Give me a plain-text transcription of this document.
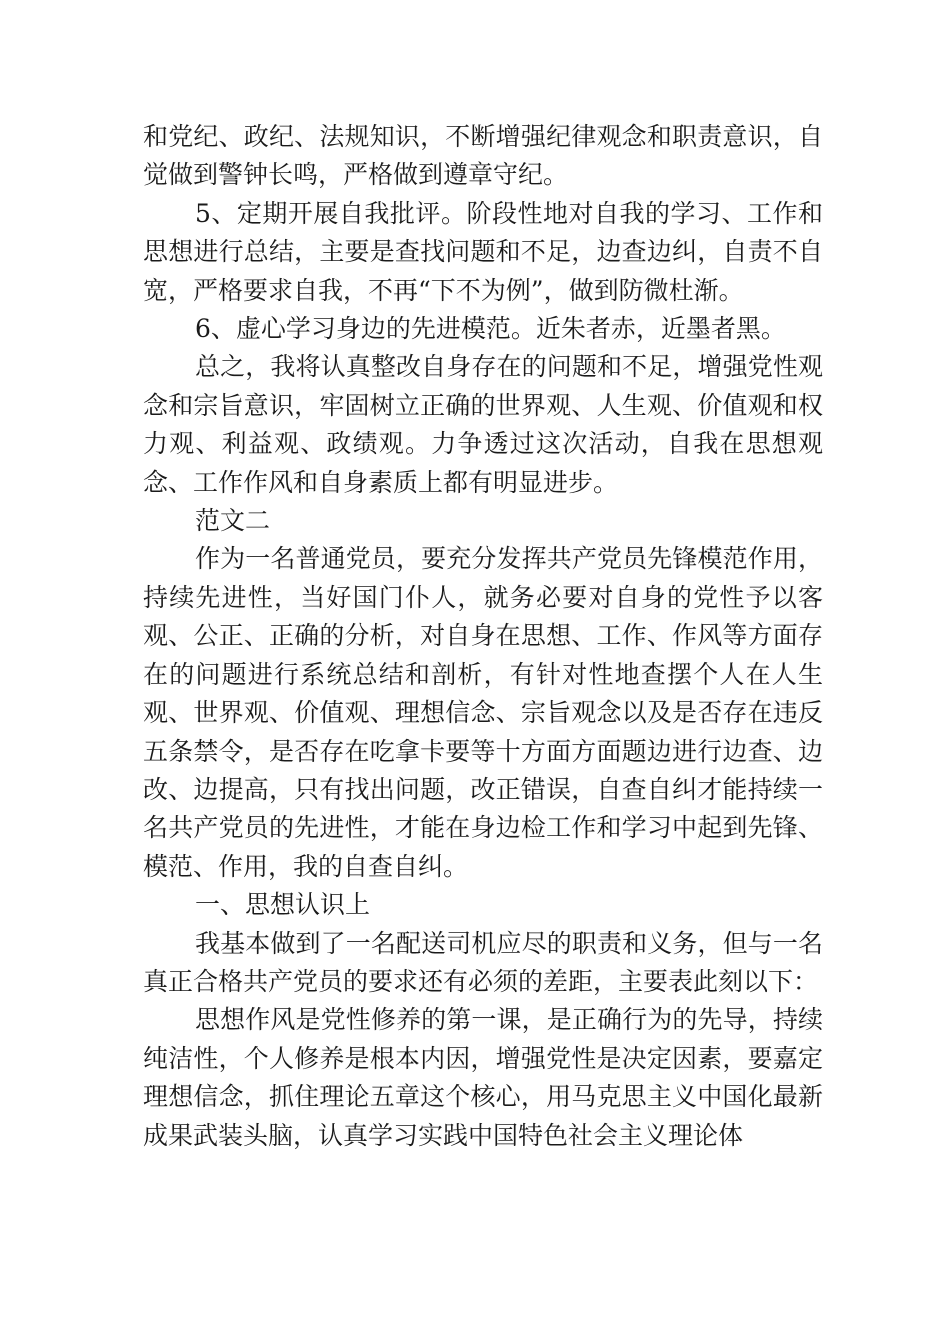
和党纪、政纪、法规知识，不断增强纪律观念和职责意识，自觉做到警钟长鸣，严格做到遵章守纪。

5、定期开展自我批评。阶段性地对自我的学习、工作和思想进行总结，主要是查找问题和不足，边查边纠，自责不自宽，严格要求自我，不再“下不为例”，做到防微杜渐。

6、虚心学习身边的先进模范。近朱者赤，近墨者黑。

总之，我将认真整改自身存在的问题和不足，增强党性观念和宗旨意识，牢固树立正确的世界观、人生观、价值观和权力观、利益观、政绩观。力争透过这次活动，自我在思想观念、工作作风和自身素质上都有明显进步。

范文二

作为一名普通党员，要充分发挥共产党员先锋模范作用，持续先进性，当好国门仆人，就务必要对自身的党性予以客观、公正、正确的分析，对自身在思想、工作、作风等方面存在的问题进行系统总结和剖析，有针对性地查摆个人在人生观、世界观、价值观、理想信念、宗旨观念以及是否存在违反五条禁令，是否存在吃拿卡要等十方面方面题边进行边查、边改、边提高，只有找出问题，改正错误，自查自纠才能持续一名共产党员的先进性，才能在身边检工作和学习中起到先锋、模范、作用，我的自查自纠。

一、思想认识上

我基本做到了一名配送司机应尽的职责和义务，但与一名真正合格共产党员的要求还有必须的差距，主要表此刻以下：

思想作风是党性修养的第一课，是正确行为的先导，持续纯洁性，个人修养是根本内因，增强党性是决定因素，要嘉定理想信念，抓住理论五章这个核心，用马克思主义中国化最新成果武装头脑，认真学习实践中国特色社会主义理论体
